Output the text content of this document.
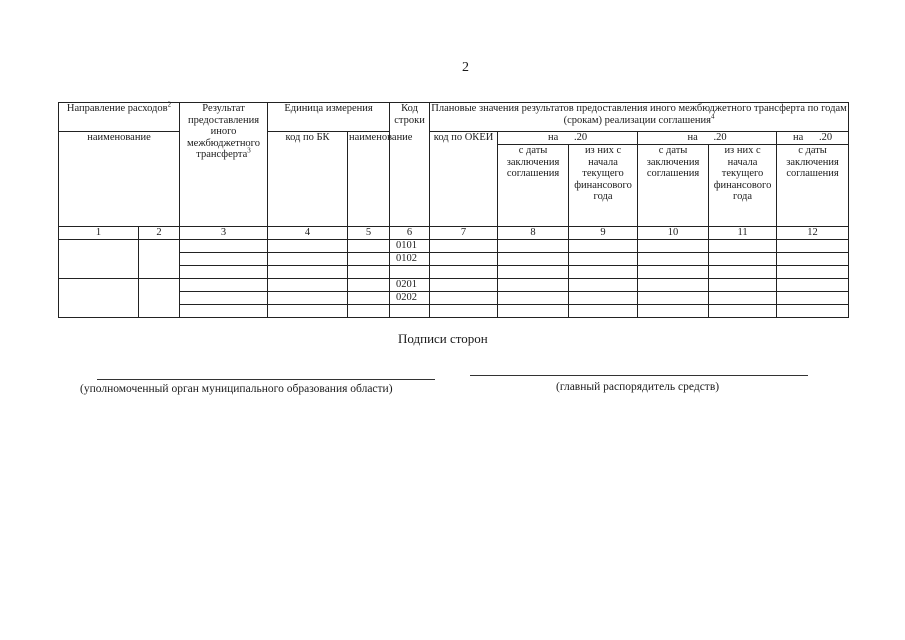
2
Направление расходов$^2$		Результат предоставления иного межбюджетного трансферта$^3$	Единица измерения		Код строки	Плановые значения результатов предоставления иного межбюджетного трансферта по годам (срокам) реализации соглашения$^4$
наименование			код по БК	наименование		код по ОКЕИ	на .20		на .20		на .20	
							с даты заключения соглашения	из них с начала текущего финансового года	с даты заключения соглашения	из них с начала текущего финансового года	с даты заключения соглашения	
1	2	3	4	5	6	7	8	9	10	11	12	
					0101							
					0102							

					0201							
					0202							

Подписи сторон
(уполномоченный орган муниципального образования области)	(главный распорядитель средств)
